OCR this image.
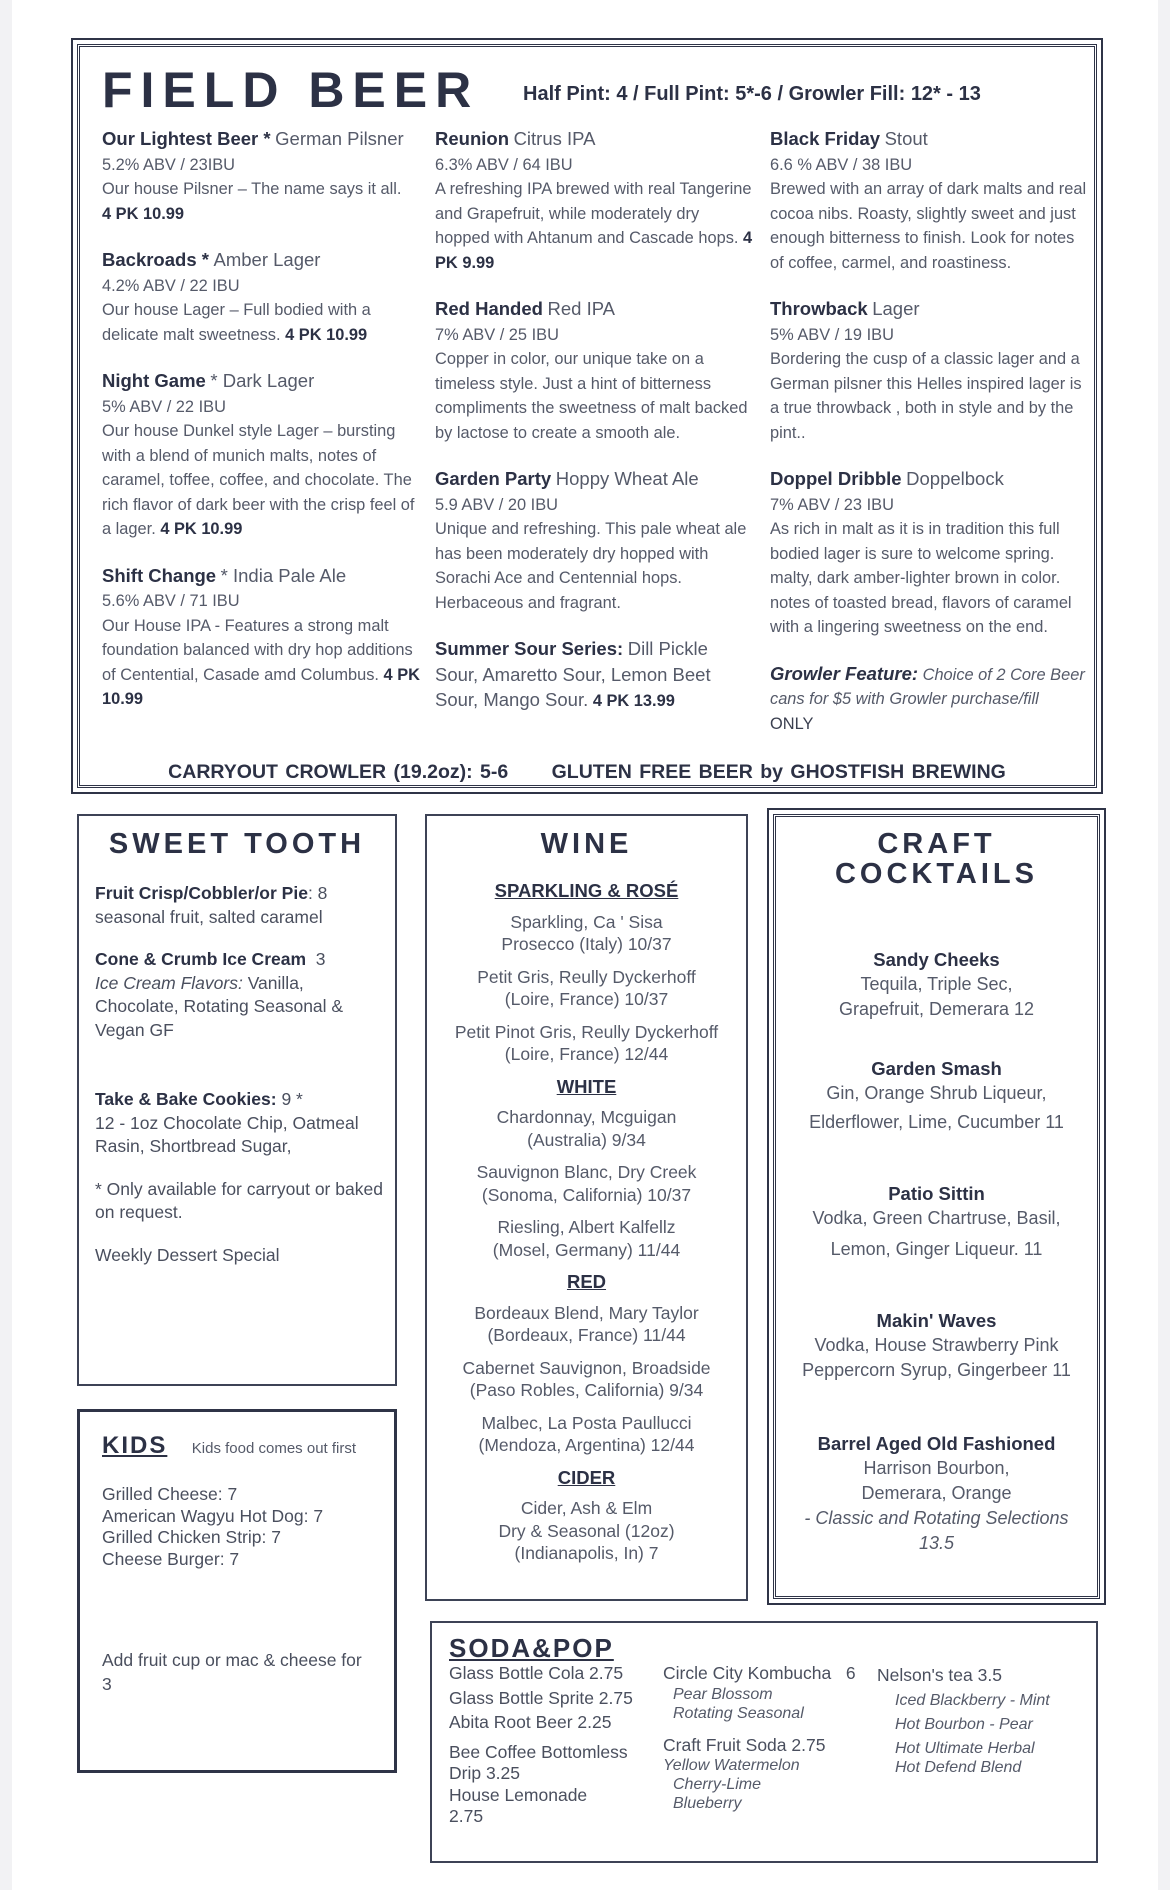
FIELD BEER Half Pint: 4 / Full Pint: 5*-6 / Growler Fill: 12* - 13
Our Lightest Beer * German Pilsner
5.2% ABV / 23IBU
Our house Pilsner – The name says it all.
4 PK 10.99
Backroads * Amber Lager
4.2% ABV / 22 IBU
Our house Lager – Full bodied with a delicate malt sweetness. 4 PK 10.99
Night Game * Dark Lager
5% ABV / 22 IBU
Our house Dunkel style Lager – bursting with a blend of munich malts, notes of caramel, toffee, coffee, and chocolate. The rich flavor of dark beer with the crisp feel of a lager. 4 PK 10.99
Shift Change * India Pale Ale
5.6% ABV / 71 IBU
Our House IPA - Features a strong malt foundation balanced with dry hop additions of Centential, Casade amd Columbus. 4 PK 10.99
Reunion Citrus IPA
6.3% ABV / 64 IBU
A refreshing IPA brewed with real Tangerine and Grapefruit, while moderately dry hopped with Ahtanum and Cascade hops. 4 PK 9.99
Red Handed Red IPA
7% ABV / 25 IBU
Copper in color, our unique take on a timeless style. Just a hint of bitterness compliments the sweetness of malt backed by lactose to create a smooth ale.
Garden Party Hoppy Wheat Ale
5.9 ABV / 20 IBU
Unique and refreshing. This pale wheat ale has been moderately dry hopped with Sorachi Ace and Centennial hops. Herbaceous and fragrant.
Summer Sour Series: Dill Pickle Sour, Amaretto Sour, Lemon Beet Sour, Mango Sour. 4 PK 13.99
Black Friday Stout
6.6 % ABV / 38 IBU
Brewed with an array of dark malts and real cocoa nibs. Roasty, slightly sweet and just enough bitterness to finish. Look for notes of coffee, carmel, and roastiness.
Throwback Lager
5% ABV / 19 IBU
Bordering the cusp of a classic lager and a German pilsner this Helles inspired lager is a true throwback , both in style and by the pint..
Doppel Dribble Doppelbock
7% ABV / 23 IBU
As rich in malt as it is in tradition this full bodied lager is sure to welcome spring. malty, dark amber-lighter brown in color. notes of toasted bread, flavors of caramel with a lingering sweetness on the end.
Growler Feature: Choice of 2 Core Beer cans for $5 with Growler purchase/fill
ONLY
CARRYOUT CROWLER (19.2oz): 5-6 GLUTEN FREE BEER by GHOSTFISH BREWING
SWEET TOOTH
Fruit Crisp/Cobbler/or Pie: 8
seasonal fruit, salted caramel
Cone & Crumb Ice Cream 3
Ice Cream Flavors: Vanilla, Chocolate, Rotating Seasonal & Vegan GF
Take & Bake Cookies: 9 *
12 - 1oz Chocolate Chip, Oatmeal Rasin, Shortbread Sugar,
* Only available for carryout or baked on request.
Weekly Dessert Special
KIDS Kids food comes out first
Grilled Cheese: 7
American Wagyu Hot Dog: 7
Grilled Chicken Strip: 7
Cheese Burger: 7
Add fruit cup or mac & cheese for 3
WINE
SPARKLING & ROSÉ
Sparkling, Ca ' Sisa
Prosecco (Italy) 10/37
Petit Gris, Reully Dyckerhoff
(Loire, France) 10/37
Petit Pinot Gris, Reully Dyckerhoff
(Loire, France) 12/44
WHITE
Chardonnay, Mcguigan
(Australia) 9/34
Sauvignon Blanc, Dry Creek
(Sonoma, California) 10/37
Riesling, Albert Kalfellz
(Mosel, Germany) 11/44
RED
Bordeaux Blend, Mary Taylor
(Bordeaux, France) 11/44
Cabernet Sauvignon, Broadside
(Paso Robles, California) 9/34
Malbec, La Posta Paullucci
(Mendoza, Argentina) 12/44
CIDER
Cider, Ash & Elm
Dry & Seasonal (12oz)
(Indianapolis, In) 7
CRAFT
COCKTAILS
Sandy Cheeks
Tequila, Triple Sec,
Grapefruit, Demerara 12
Garden Smash
Gin, Orange Shrub Liqueur,
Elderflower, Lime, Cucumber 11
Patio Sittin
Vodka, Green Chartruse, Basil,
Lemon, Ginger Liqueur. 11
Makin' Waves
Vodka, House Strawberry Pink
Peppercorn Syrup, Gingerbeer 11
Barrel Aged Old Fashioned
Harrison Bourbon,
Demerara, Orange
- Classic and Rotating Selections
13.5
SODA&POP
Glass Bottle Cola 2.75
Glass Bottle Sprite 2.75
Abita Root Beer 2.25
Bee Coffee Bottomless
Drip 3.25
House Lemonade
2.75
Circle City Kombucha 6
Pear Blossom
Rotating Seasonal
Craft Fruit Soda 2.75
Yellow Watermelon
Cherry-Lime
Blueberry
Nelson's tea 3.5
Iced Blackberry - Mint
Hot Bourbon - Pear
Hot Ultimate Herbal
Hot Defend Blend
